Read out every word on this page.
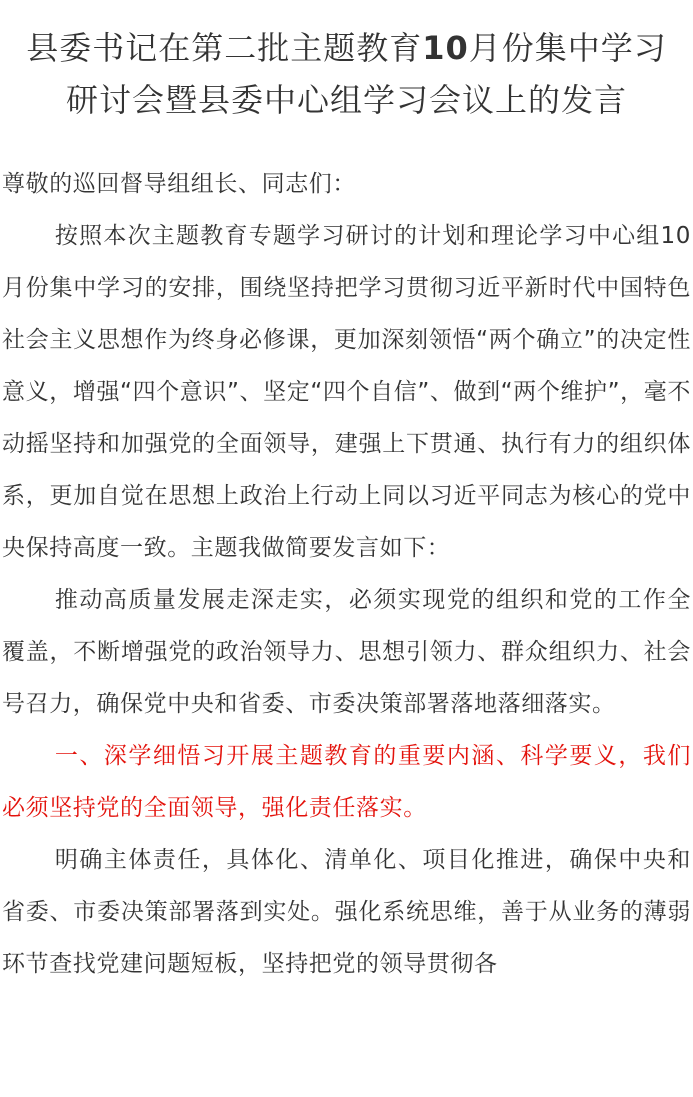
县委书记在第二批主题教育10月份集中学习研讨会暨县委中心组学习会议上的发言

尊敬的巡回督导组组长、同志们：

按照本次主题教育专题学习研讨的计划和理论学习中心组10月份集中学习的安排，围绕坚持把学习贯彻习近平新时代中国特色社会主义思想作为终身必修课，更加深刻领悟“两个确立”的决定性意义，增强“四个意识”、坚定“四个自信”、做到“两个维护”，毫不动摇坚持和加强党的全面领导，建强上下贯通、执行有力的组织体系，更加自觉在思想上政治上行动上同以习近平同志为核心的党中央保持高度一致。主题我做简要发言如下：

推动高质量发展走深走实，必须实现党的组织和党的工作全覆盖，不断增强党的政治领导力、思想引领力、群众组织力、社会号召力，确保党中央和省委、市委决策部署落地落细落实。

一、深学细悟习开展主题教育的重要内涵、科学要义，我们必须坚持党的全面领导，强化责任落实。

明确主体责任，具体化、清单化、项目化推进，确保中央和省委、市委决策部署落到实处。强化系统思维，善于从业务的薄弱环节查找党建问题短板，坚持把党的领导贯彻各
